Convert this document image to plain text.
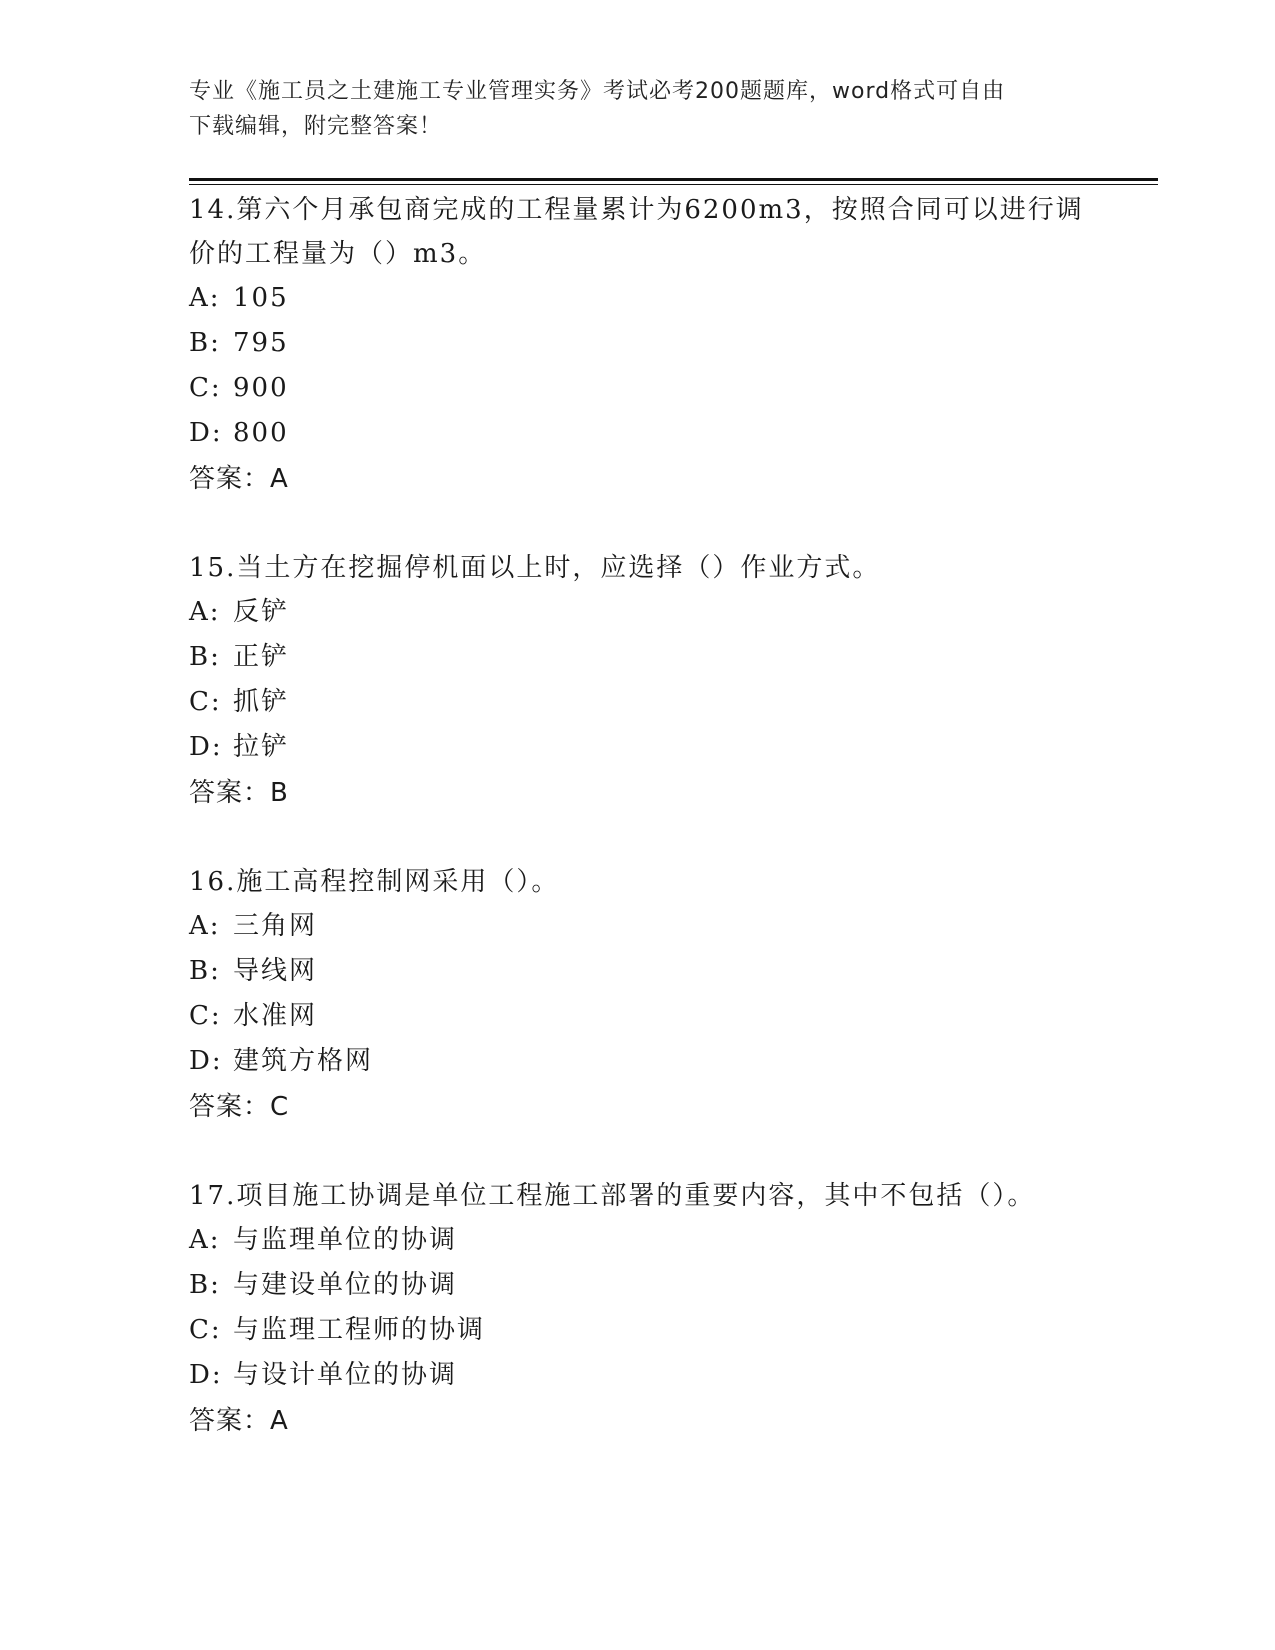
专业《施工员之土建施工专业管理实务》考试必考200题题库，word格式可自由
下载编辑，附完整答案！

14.第六个月承包商完成的工程量累计为6200m3，按照合同可以进行调价的工程量为（）m3。

A: 105

B: 795

C: 900

D: 800

答案：A

15.当土方在挖掘停机面以上时，应选择（）作业方式。

A: 反铲

B: 正铲

C: 抓铲

D: 拉铲

答案：B

16.施工高程控制网采用（）。

A: 三角网

B: 导线网

C: 水准网

D: 建筑方格网

答案：C

17.项目施工协调是单位工程施工部署的重要内容，其中不包括（）。

A: 与监理单位的协调

B: 与建设单位的协调

C: 与监理工程师的协调

D: 与设计单位的协调

答案：A
